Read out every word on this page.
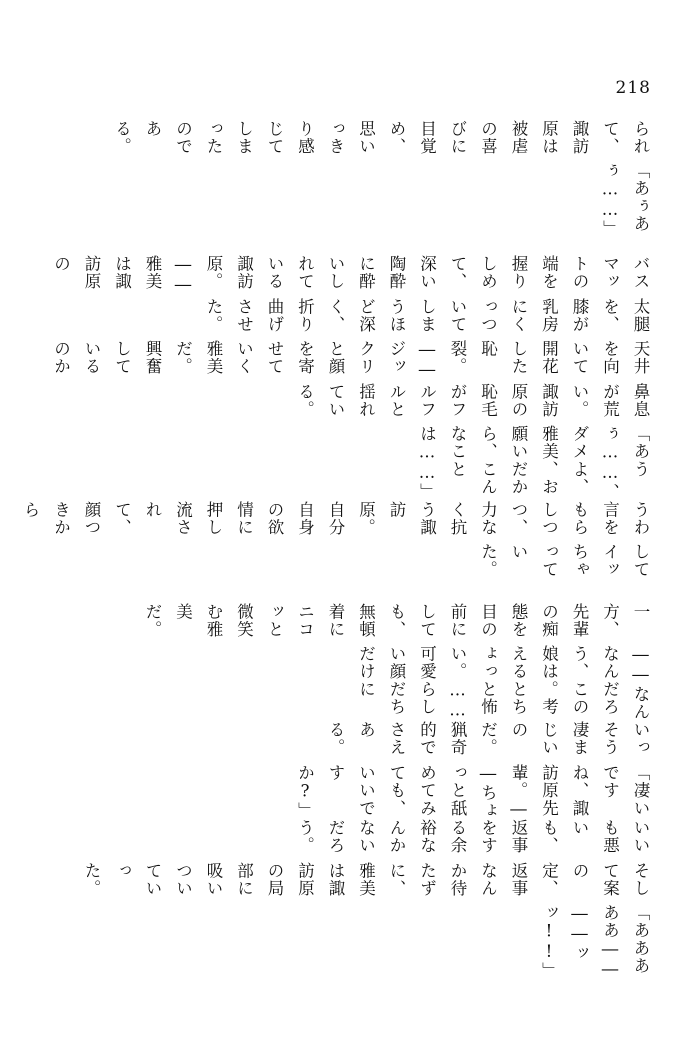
218
られて、諏訪原は被虐の喜びに目覚め、思いっきり感じてしまったのである。
「あぅあぅ……」
バスマットの端を握りしめて、深い陶酔に酔いしれている諏訪原。――雅美は諏訪原の
太腿を、膝が乳房にくっついてしまうほど深く、折り曲げさせた。
天井を向いて開花した恥裂。――ジックリと顔を寄せていく雅美だ。興奮しているのか
鼻息が荒い。諏訪原の恥毛がフルフルと揺れている。
「あうぅ……、ダメよ、雅美、お願いだから、こんなことは……」
うわ言をもらしつつ、力なく抗う諏訪原。自分自身の欲情に押し流されて、顔つきから
してイッちゃっていた。
一方、先輩の痴態を目の前にしても、無頓着にニコッと微笑む雅美だ。
――なんなんだろう、この娘は。考えるとちょっと怖い。……可愛らしい顔だちだけに
いっそう凄まじいのだ。猟奇的でさえある。
「凄いですね、諏訪原先輩。――ちょっと舐めてみても、いいですか?」
いいも悪いも、返事をする余裕なんかないだろう。
そして案の定、返事なんか待たずに、雅美は諏訪原の局部に吸いついていった。
「あああああ――――ッッ!!」
